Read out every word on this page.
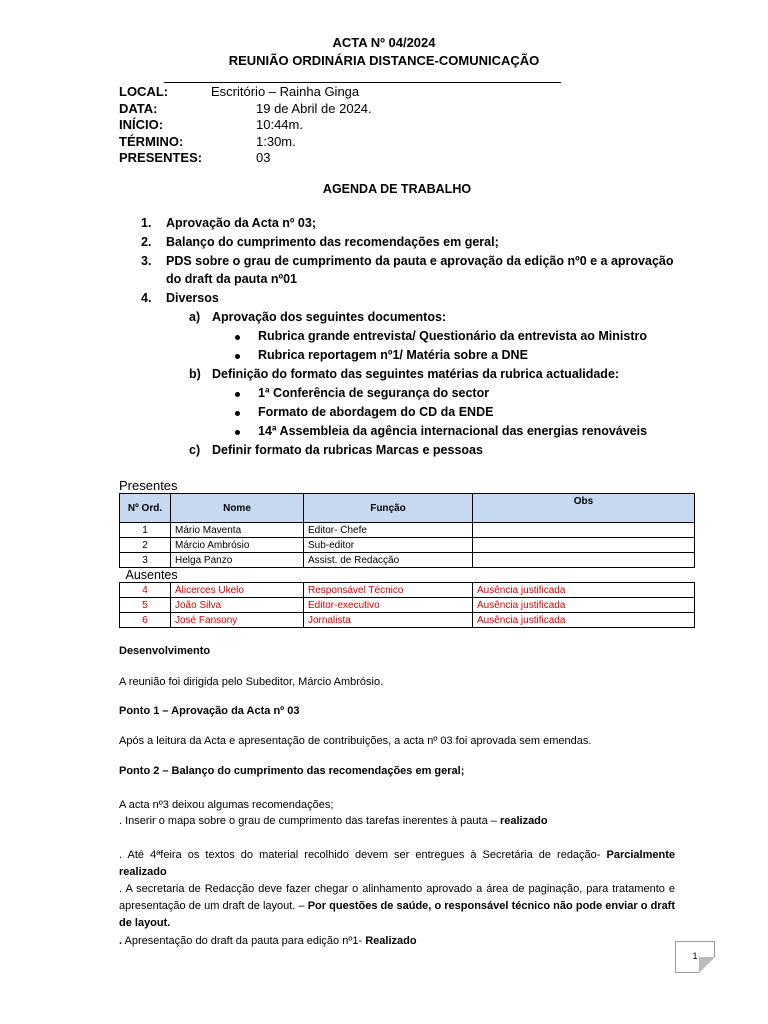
ACTA Nº 04/2024
REUNIÃO ORDINÁRIA DISTANCE-COMUNICAÇÃO
LOCAL:	Escritório – Rainha Ginga
DATA:	19 de Abril de 2024.
INÍCIO:	10:44m.
TÉRMINO:	1:30m.
PRESENTES:	03
AGENDA DE TRABALHO
1. Aprovação da Acta nº 03;
2. Balanço do cumprimento das recomendações em geral;
3. PDS sobre o grau de cumprimento da pauta e aprovação da edição nº0 e a aprovação
do draft da pauta nº01
4. Diversos
a) Aprovação dos seguintes documentos:
Rubrica grande entrevista/ Questionário da entrevista ao Ministro
Rubrica reportagem nº1/ Matéria sobre a DNE
b) Definição do formato das seguintes matérias da rubrica actualidade:
1ª Conferência de segurança do sector
Formato de abordagem do CD da ENDE
14ª Assembleia da agência internacional das energias renováveis
c) Definir formato da rubricas Marcas e pessoas
Presentes
Nº Ord.	Nome	Função	Obs
1	Mário Maventa	Editor- Chefe	
2	Márcio Ambrósio	Sub-editor	
3	Helga Panzo	Assist. de Redacção	
Ausentes			
4	Alicerces Ukelo	Responsável Técnico	Ausência justificada
5	João Silva	Editor-executivo	Ausência justificada
6	José Fansony	Jornalista	Ausência justificada
Desenvolvimento
A reunião foi dirigida pelo Subeditor, Márcio Ambrósio.
Ponto 1 – Aprovação da Acta nº 03
Após a leitura da Acta e apresentação de contribuições, a acta nº 03 foi aprovada sem emendas.
Ponto 2 – Balanço do cumprimento das recomendações em geral;
A acta nº3 deixou algumas recomendações;
. Inserir o mapa sobre o grau de cumprimento das tarefas inerentes à pauta – realizado
. Até 4ªfeira os textos do material recolhido devem ser entregues à Secretária de redação- Parcialmente realizado
. A secretaria de Redacção deve fazer chegar o alinhamento aprovado a área de paginação, para tratamento e apresentação de um draft de layout. – Por questões de saúde, o responsável técnico não pode enviar o draft de layout.
. Apresentação do draft da pauta para edição nº1- Realizado
1
